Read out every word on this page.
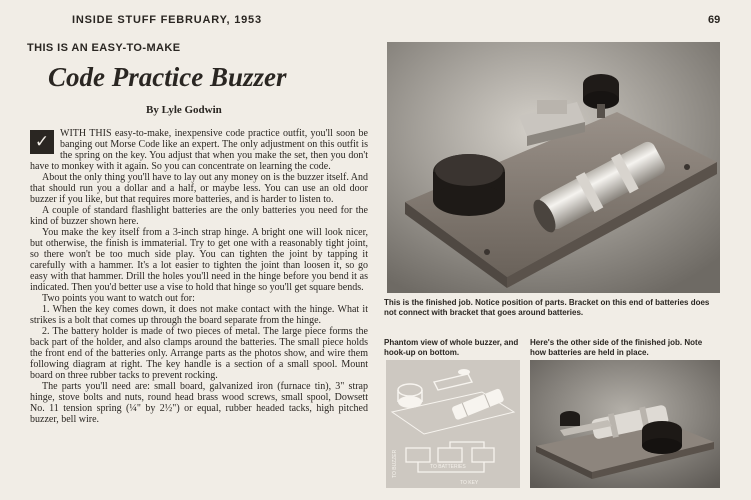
INSIDE STUFF FEBRUARY, 1953	69
THIS IS AN EASY-TO-MAKE
Code Practice Buzzer
By Lyle Godwin
✓	WITH THIS easy-to-make, inexpensive code practice outfit, you'll soon be banging out Morse Code like an expert. The only adjustment on this outfit is the spring on the key. You adjust that when you make the set, then you don't have to monkey with it again. So you can concentrate on learning the code.

About the only thing you'll have to lay out any money on is the buzzer itself. And that should run you a dollar and a half, or maybe less. You can use an old door buzzer if you like, but that requires more batteries, and is harder to listen to.

A couple of standard flashlight batteries are the only batteries you need for the kind of buzzer shown here.

You make the key itself from a 3-inch strap hinge. A bright one will look nicer, but otherwise, the finish is immaterial. Try to get one with a reasonably tight joint, so there won't be too much side play. You can tighten the joint by tapping it carefully with a hammer. It's a lot easier to tighten the joint than loosen it, so go easy with that hammer. Drill the holes you'll need in the hinge before you bend it as indicated. Then you'd better use a vise to hold that hinge so you'll get square bends.

Two points you want to watch out for:

1. When the key comes down, it does not make contact with the hinge. What it strikes is a bolt that comes up through the board separate from the hinge.

2. The battery holder is made of two pieces of metal. The large piece forms the back part of the holder, and also clamps around the batteries. The small piece holds the front end of the batteries only. Arrange parts as the photos show, and wire them following diagram at right. The key handle is a section of a small spool. Mount board on three rubber tacks to prevent rocking.

The parts you'll need are: small board, galvanized iron (furnace tin), 3" strap hinge, stove bolts and nuts, round head brass wood screws, small spool, Dowsett No. 11 tension spring (¼" by 2½") or equal, rubber headed tacks, high pitched buzzer, bell wire.

This is the finished job. Notice position of parts. Bracket on this end of batteries does not connect with bracket that goes around batteries.
Phantom view of whole buzzer, and hook-up on bottom.
Here's the other side of the finished job. Note how batteries are held in place.
TO BUZZER	TO BATTERIES
TO KEY
